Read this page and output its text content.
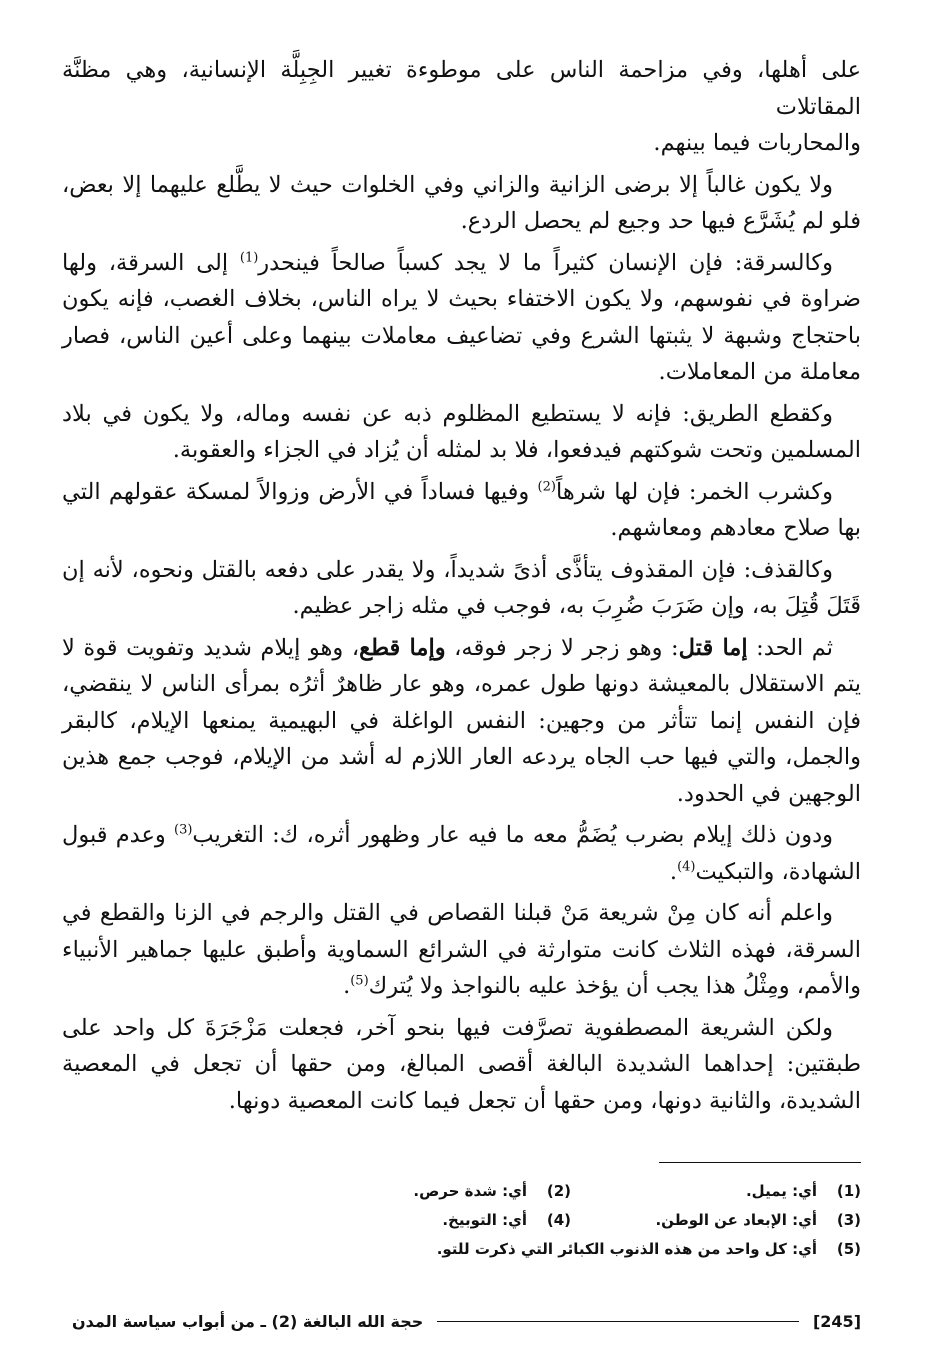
على أهلها، وفي مزاحمة الناس على موطوءة تغيير الجِبِلَّة الإنسانية، وهي مظنَّة المقاتلات
والمحاربات فيما بينهم.

ولا يكون غالباً إلا برضى الزانية والزاني وفي الخلوات حيث لا يطَّلع عليهما إلا بعض، فلو لم يُشَرَّع فيها حد وجيع لم يحصل الردع.

وكالسرقة: فإن الإنسان كثيراً ما لا يجد كسباً صالحاً فينحدر$^{(1)}$ إلى السرقة، ولها ضراوة في نفوسهم، ولا يكون الاختفاء بحيث لا يراه الناس، بخلاف الغصب، فإنه يكون باحتجاج وشبهة لا يثبتها الشرع وفي تضاعيف معاملات بينهما وعلى أعين الناس، فصار معاملة من المعاملات.

وكقطع الطريق: فإنه لا يستطيع المظلوم ذبه عن نفسه وماله، ولا يكون في بلاد المسلمين وتحت شوكتهم فيدفعوا، فلا بد لمثله أن يُزاد في الجزاء والعقوبة.

وكشرب الخمر: فإن لها شرهاً$^{(2)}$ وفيها فساداً في الأرض وزوالاً لمسكة عقولهم التي بها صلاح معادهم ومعاشهم.

وكالقذف: فإن المقذوف يتأذَّى أذىً شديداً، ولا يقدر على دفعه بالقتل ونحوه، لأنه إن قَتَلَ قُتِلَ به، وإن ضَرَبَ ضُرِبَ به، فوجب في مثله زاجر عظيم.

ثم الحد: إما قتل: وهو زجر لا زجر فوقه، وإما قطع، وهو إيلام شديد وتفويت قوة لا يتم الاستقلال بالمعيشة دونها طول عمره، وهو عار ظاهرٌ أثرُه بمرأى الناس لا ينقضي، فإن النفس إنما تتأثر من وجهين: النفس الواغلة في البهيمية يمنعها الإيلام، كالبقر والجمل، والتي فيها حب الجاه يردعه العار اللازم له أشد من الإيلام، فوجب جمع هذين الوجهين في الحدود.

ودون ذلك إيلام بضرب يُضَمُّ معه ما فيه عار وظهور أثره، ك: التغريب$^{(3)}$ وعدم قبول الشهادة، والتبكيت$^{(4)}$.

واعلم أنه كان مِنْ شريعة مَنْ قبلنا القصاص في القتل والرجم في الزنا والقطع في السرقة، فهذه الثلاث كانت متوارثة في الشرائع السماوية وأطبق عليها جماهير الأنبياء والأمم، ومِثْلُ هذا يجب أن يؤخذ عليه بالنواجذ ولا يُترك$^{(5)}$.

ولكن الشريعة المصطفوية تصرَّفت فيها بنحو آخر، فجعلت مَزْجَرَةَ كل واحد على طبقتين: إحداهما الشديدة البالغة أقصى المبالغ، ومن حقها أن تجعل في المعصية الشديدة، والثانية دونها، ومن حقها أن تجعل فيما كانت المعصية دونها.

(1)
أي: يميل.
(2)
أي: شدة حرص.
(3)
أي: الإبعاد عن الوطن.
(4)
أي: التوبيخ.
(5)
أي: كل واحد من هذه الذنوب الكبائر التي ذكرت للتو.
[245]
حجة الله البالغة (2) ـ من أبواب سياسة المدن
